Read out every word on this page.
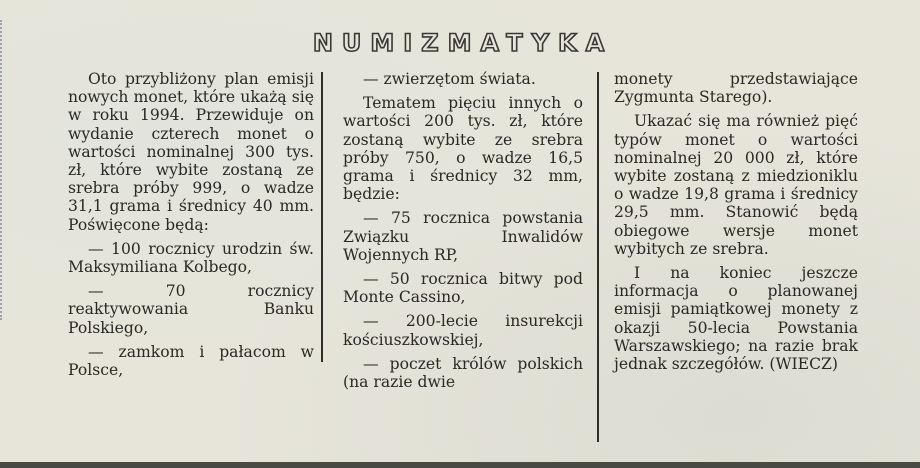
NUMIZMATYKA

Oto przybliżony plan emisji nowych monet, które ukażą się w roku 1994. Przewiduje on wydanie czterech monet o wartości nominalnej 300 tys. zł, które wybite zostaną ze srebra próby 999, o wadze 31,1 grama i średnicy 40 mm. Poświęcone będą:

— 100 rocznicy urodzin św. Maksymiliana Kolbego,

— 70 rocznicy reaktywowania Banku Polskiego,

— zamkom i pałacom w Polsce,

— zwierzętom świata.

Tematem pięciu innych o wartości 200 tys. zł, które zostaną wybite ze srebra próby 750, o wadze 16,5 grama i średnicy 32 mm, będzie:

— 75 rocznica powstania Związku Inwalidów Wojennych RP,

— 50 rocznica bitwy pod Monte Cassino,

— 200-lecie insurekcji kościuszkowskiej,

— poczet królów polskich (na razie dwie

monety przedstawiające Zygmunta Starego).

Ukazać się ma również pięć typów monet o wartości nominalnej 20 000 zł, które wybite zostaną z miedzioniklu o wadze 19,8 grama i średnicy 29,5 mm. Stanowić będą obiegowe wersje monet wybitych ze srebra.

I na koniec jeszcze informacja o planowanej emisji pamiątkowej monety z okazji 50-lecia Powstania Warszawskiego; na razie brak jednak szczegółów. (WIECZ)
